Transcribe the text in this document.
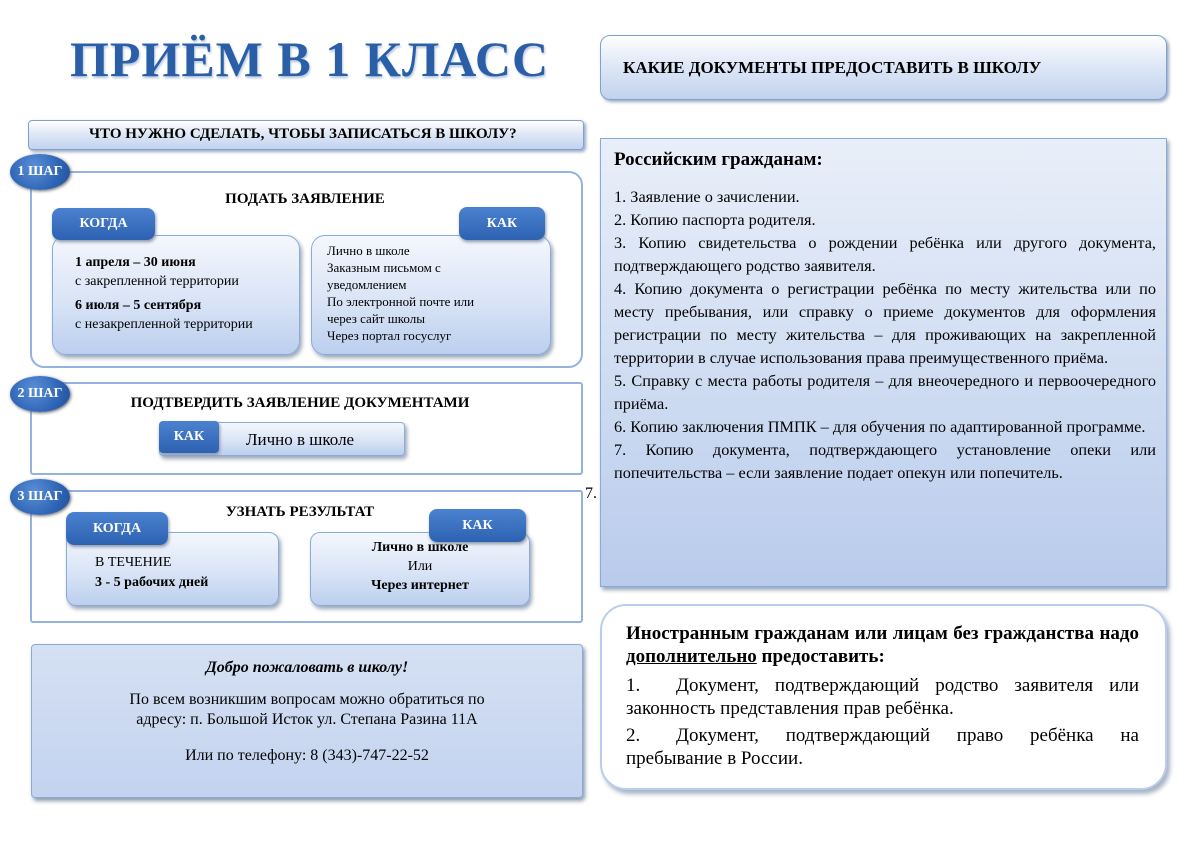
ПРИЁМ В 1 КЛАСС	КАКИЕ ДОКУМЕНТЫ ПРЕДОСТАВИТЬ В ШКОЛУ
ЧТО НУЖНО СДЕЛАТЬ, ЧТОБЫ ЗАПИСАТЬСЯ В ШКОЛУ?
1 ШАГ
ПОДАТЬ ЗАЯВЛЕНИЕ
КОГДА
1 апреля – 30 июня
с закрепленной территории
6 июля – 5 сентября
с незакрепленной территории
КАК
Лично в школе
Заказным письмом с
уведомлением
По электронной почте или
через сайт школы
Через портал госуслуг
2 ШАГ
ПОДТВЕРДИТЬ ЗАЯВЛЕНИЕ ДОКУМЕНТАМИ
КАК	Лично в школе
3 ШАГ
УЗНАТЬ РЕЗУЛЬТАТ
КОГДА
В ТЕЧЕНИЕ
3 - 5 рабочих дней
КАК
Лично в школе
Или
Через интернет
Добро пожаловать в школу!
По всем возникшим вопросам можно обратиться по
адресу: п. Большой Исток ул. Степана Разина 11А
Или по телефону: 8 (343)-747-22-52
Российским гражданам:
1. Заявление о зачислении.
2. Копию паспорта родителя.
3. Копию свидетельства о рождении ребёнка или другого документа, подтверждающего родство заявителя.
4. Копию документа о регистрации ребёнка по месту жительства или по месту пребывания, или справку о приеме документов для оформления регистрации по месту жительства – для проживающих на закрепленной территории в случае использования права преимущественного приёма.
5. Справку с места работы родителя – для внеочередного и первоочередного приёма.
6. Копию заключения ПМПК – для обучения по адаптированной программе.
7. Копию документа, подтверждающего установление опеки или попечительства – если заявление подает опекун или попечитель.
7.
Иностранным гражданам или лицам без гражданства надо дополнительно предоставить:
1. Документ, подтверждающий родство заявителя или законность представления прав ребёнка.
2. Документ, подтверждающий право ребёнка на пребывание в России.
